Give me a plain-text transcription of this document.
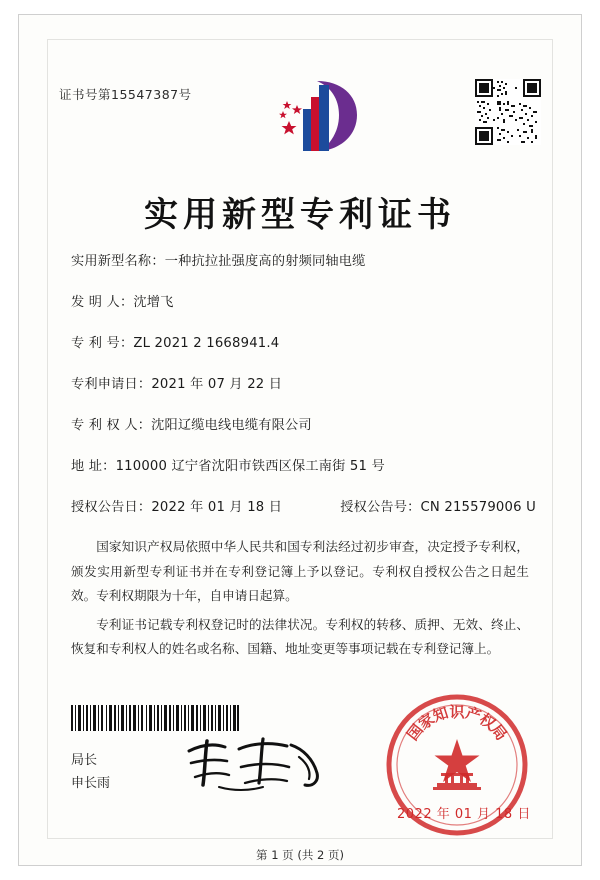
证书号第15547387号
实用新型专利证书
实用新型名称： 一种抗拉扯强度高的射频同轴电缆
发 明 人： 沈增飞
专 利 号： ZL 2021 2 1668941.4
专利申请日： 2021 年 07 月 22 日
专 利 权 人： 沈阳辽缆电线电缆有限公司
地 址： 110000 辽宁省沈阳市铁西区保工南街 51 号
授权公告日： 2022 年 01 月 18 日	授权公告号： CN 215579006 U

国家知识产权局依照中华人民共和国专利法经过初步审查，决定授予专利权，颁发实用新型专利证书并在专利登记簿上予以登记。专利权自授权公告之日起生效。专利权期限为十年，自申请日起算。

专利证书记载专利权登记时的法律状况。专利权的转移、质押、无效、终止、恢复和专利权人的姓名或名称、国籍、地址变更等事项记载在专利登记簿上。

局长
申长雨
国
家
知
识
产
权
局
2022 年 01 月 18 日
第 1 页 (共 2 页)
